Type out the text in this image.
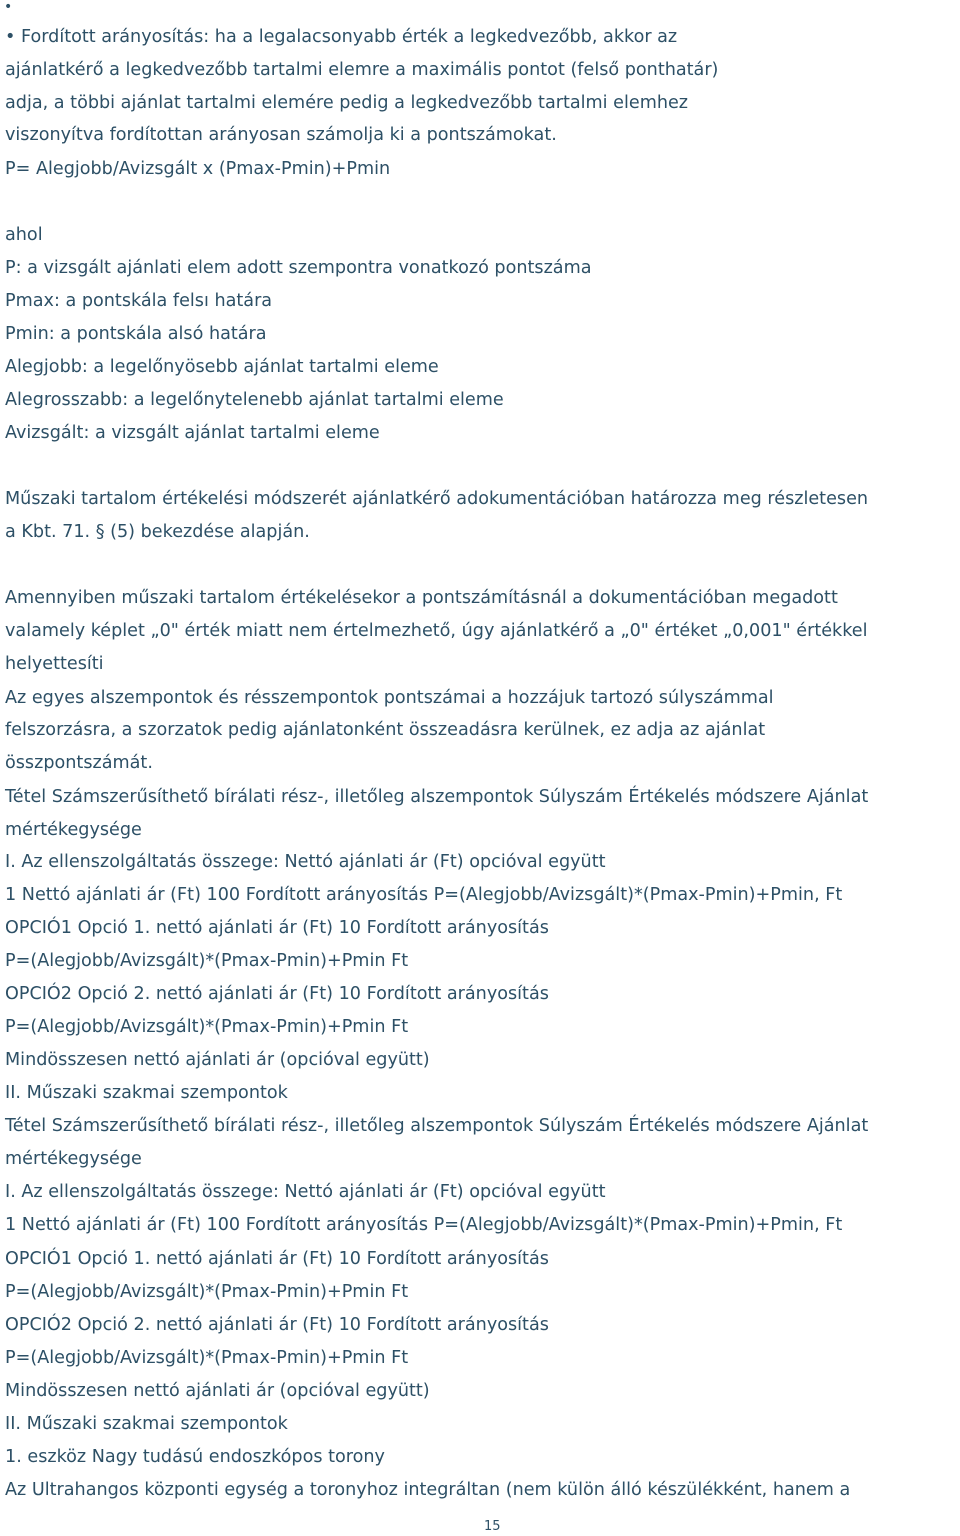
•

• Fordított arányosítás: ha a legalacsonyabb érték a legkedvezőbb, akkor az

ajánlatkérő a legkedvezőbb tartalmi elemre a maximális pontot (felső ponthatár)

adja, a többi ajánlat tartalmi elemére pedig a legkedvezőbb tartalmi elemhez

viszonyítva fordítottan arányosan számolja ki a pontszámokat.

P= Alegjobb/Avizsgált x (Pmax-Pmin)+Pmin

ahol

P: a vizsgált ajánlati elem adott szempontra vonatkozó pontszáma

Pmax: a pontskála felsı határa

Pmin: a pontskála alsó határa

Alegjobb: a legelőnyösebb ajánlat tartalmi eleme

Alegrosszabb: a legelőnytelenebb ajánlat tartalmi eleme

Avizsgált: a vizsgált ajánlat tartalmi eleme

Műszaki tartalom értékelési módszerét ajánlatkérő adokumentációban határozza meg részletesen

a Kbt. 71. § (5) bekezdése alapján.

Amennyiben műszaki tartalom értékelésekor a pontszámításnál a dokumentációban megadott

valamely képlet „0" érték miatt nem értelmezhető, úgy ajánlatkérő a „0" értéket „0,001" értékkel

helyettesíti

Az egyes alszempontok és résszempontok pontszámai a hozzájuk tartozó súlyszámmal

felszorzásra, a szorzatok pedig ajánlatonként összeadásra kerülnek, ez adja az ajánlat

összpontszámát.

Tétel Számszerűsíthető bírálati rész-, illetőleg alszempontok Súlyszám Értékelés módszere Ajánlat

mértékegysége

I. Az ellenszolgáltatás összege: Nettó ajánlati ár (Ft) opcióval együtt

1 Nettó ajánlati ár (Ft) 100 Fordított arányosítás P=(Alegjobb/Avizsgált)*(Pmax-Pmin)+Pmin, Ft

OPCIÓ1 Opció 1. nettó ajánlati ár (Ft) 10 Fordított arányosítás

P=(Alegjobb/Avizsgált)*(Pmax-Pmin)+Pmin Ft

OPCIÓ2 Opció 2. nettó ajánlati ár (Ft) 10 Fordított arányosítás

P=(Alegjobb/Avizsgált)*(Pmax-Pmin)+Pmin Ft

Mindösszesen nettó ajánlati ár (opcióval együtt)

II. Műszaki szakmai szempontok

Tétel Számszerűsíthető bírálati rész-, illetőleg alszempontok Súlyszám Értékelés módszere Ajánlat

mértékegysége

I. Az ellenszolgáltatás összege: Nettó ajánlati ár (Ft) opcióval együtt

1 Nettó ajánlati ár (Ft) 100 Fordított arányosítás P=(Alegjobb/Avizsgált)*(Pmax-Pmin)+Pmin, Ft

OPCIÓ1 Opció 1. nettó ajánlati ár (Ft) 10 Fordított arányosítás

P=(Alegjobb/Avizsgált)*(Pmax-Pmin)+Pmin Ft

OPCIÓ2 Opció 2. nettó ajánlati ár (Ft) 10 Fordított arányosítás

P=(Alegjobb/Avizsgált)*(Pmax-Pmin)+Pmin Ft

Mindösszesen nettó ajánlati ár (opcióval együtt)

II. Műszaki szakmai szempontok

1. eszköz Nagy tudású endoszkópos torony

Az Ultrahangos központi egység a toronyhoz integráltan (nem külön álló készülékként, hanem a

15
